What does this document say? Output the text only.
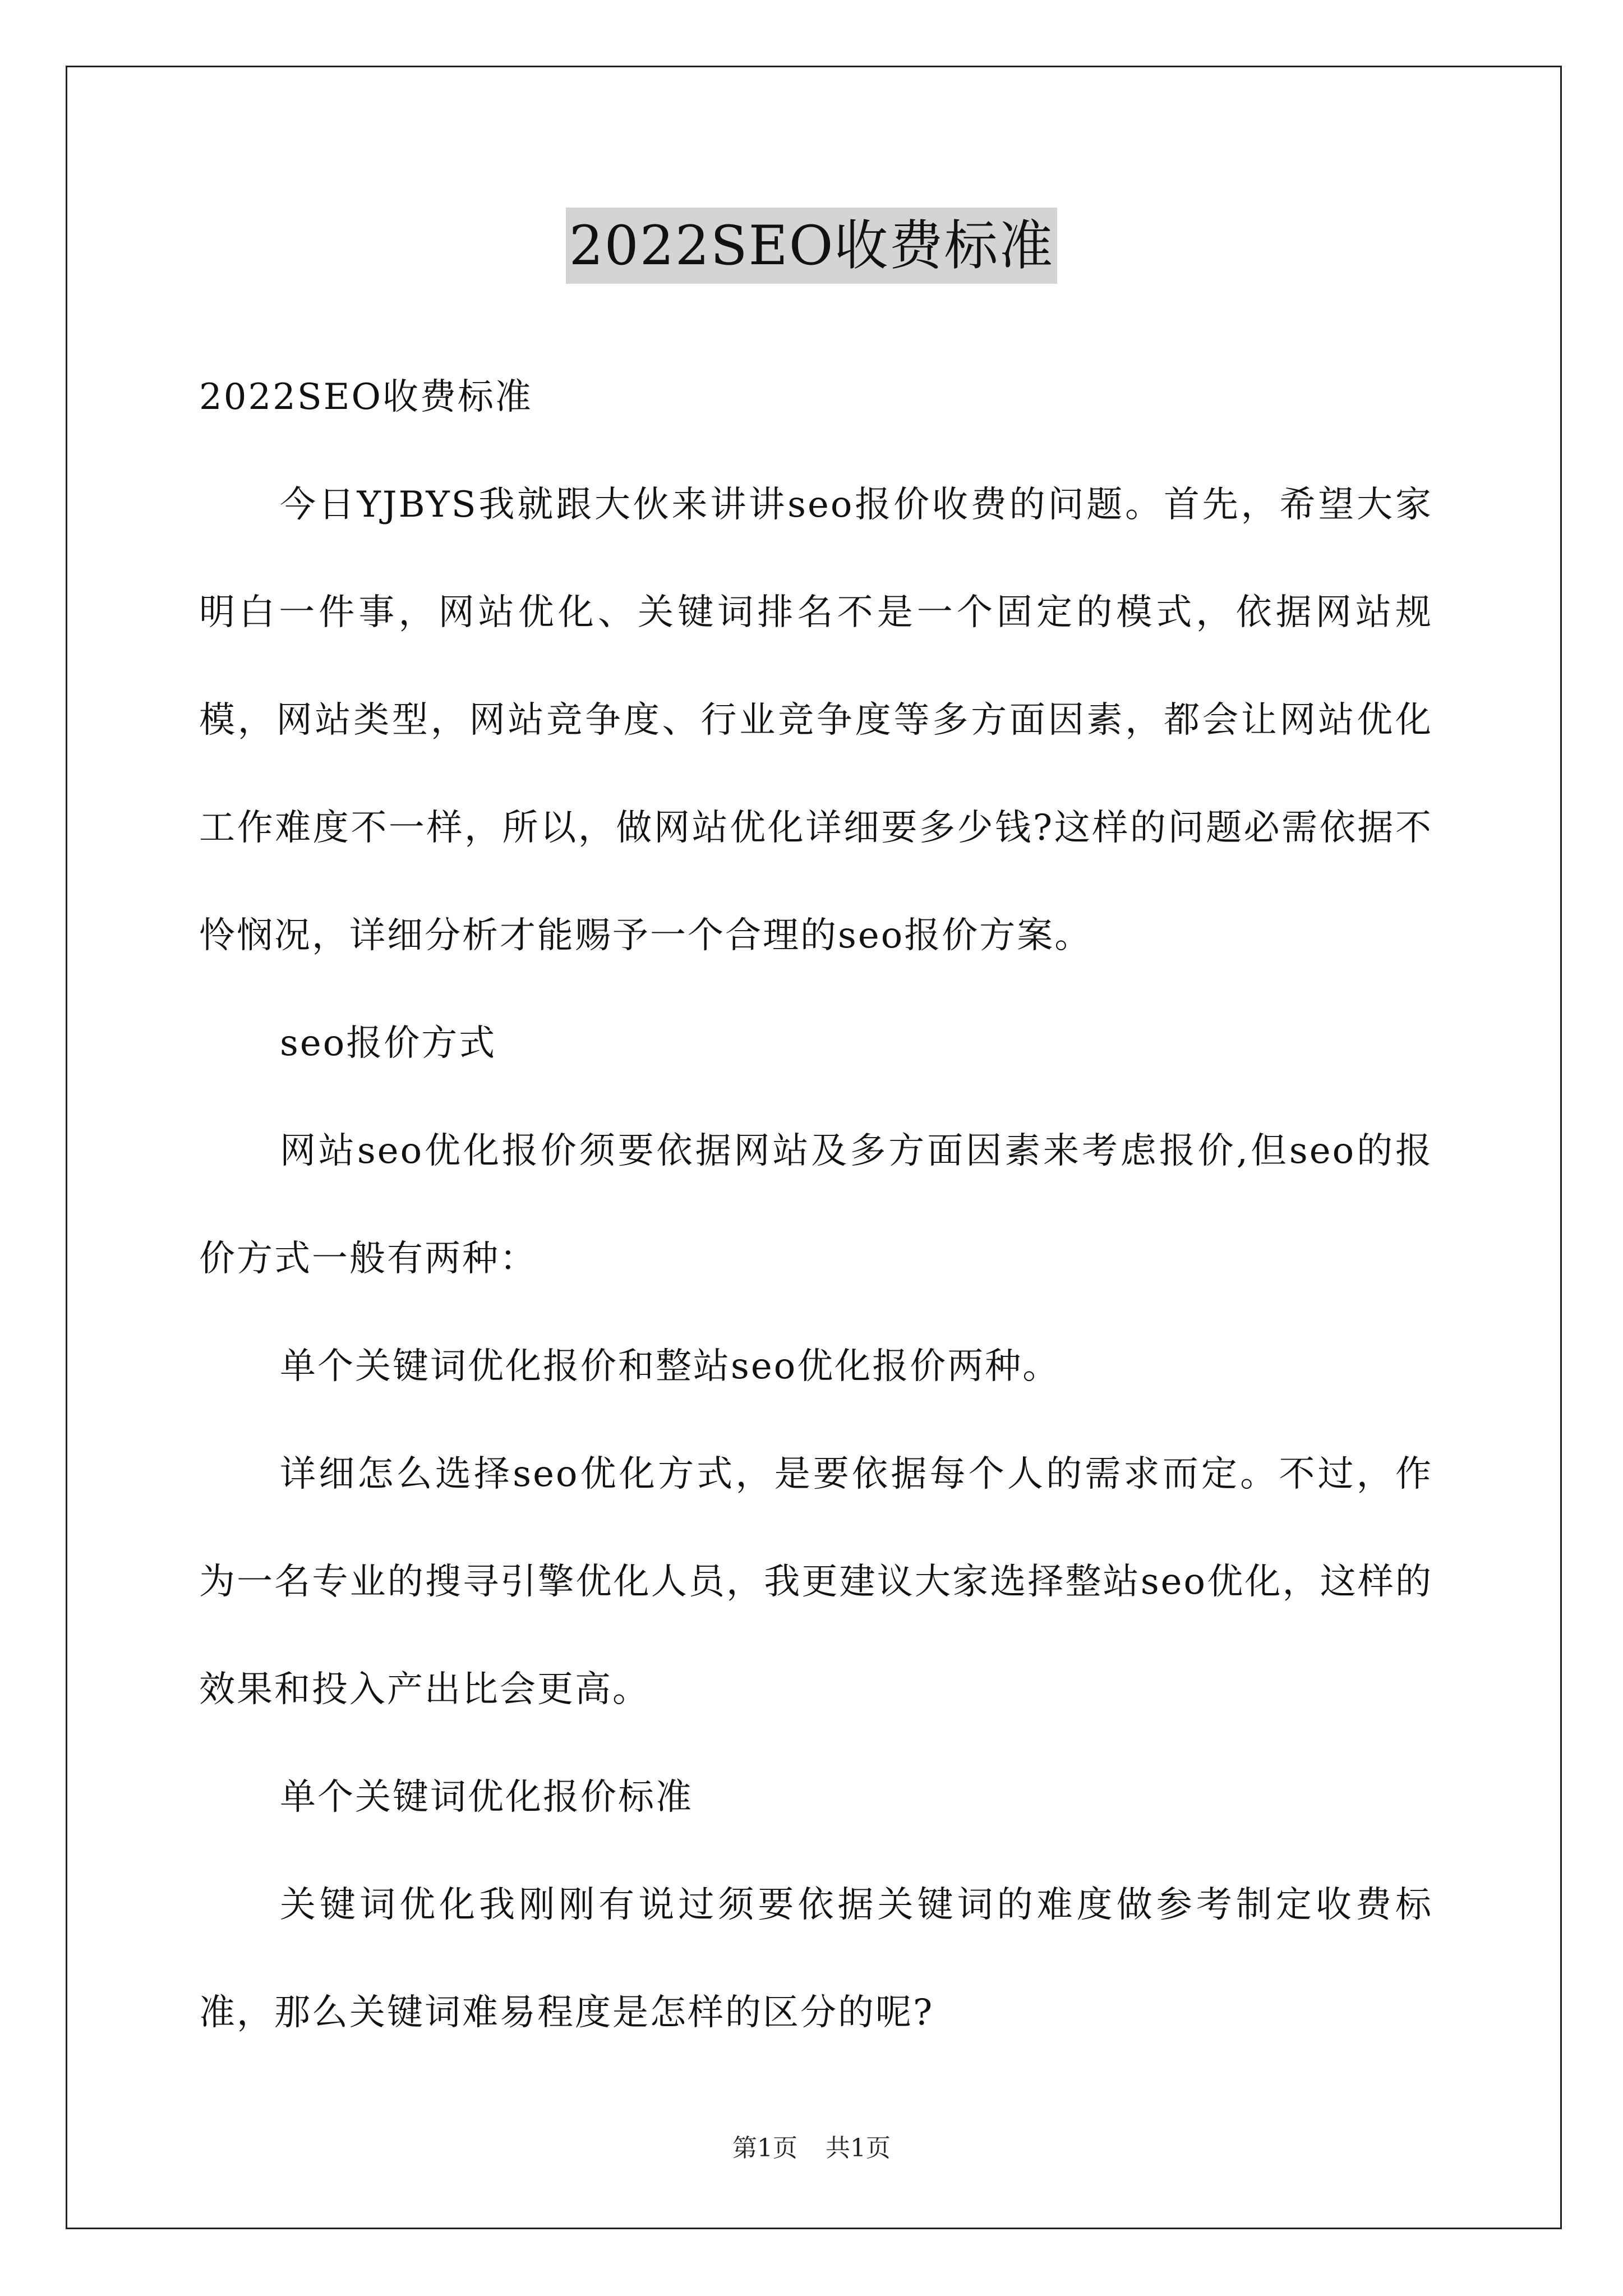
2022SEO收费标准

2022SEO收费标准

今日YJBYS我就跟大伙来讲讲seo报价收费的问题。首先，希望大家明白一件事，网站优化、关键词排名不是一个固定的模式，依据网站规模，网站类型，网站竞争度、行业竞争度等多方面因素，都会让网站优化工作难度不一样，所以，做网站优化详细要多少钱?这样的问题必需依据不怜悯况，详细分析才能赐予一个合理的seo报价方案。

seo报价方式

网站seo优化报价须要依据网站及多方面因素来考虑报价,但seo的报价方式一般有两种：

单个关键词优化报价和整站seo优化报价两种。

详细怎么选择seo优化方式，是要依据每个人的需求而定。不过，作为一名专业的搜寻引擎优化人员，我更建议大家选择整站seo优化，这样的效果和投入产出比会更高。

单个关键词优化报价标准

关键词优化我刚刚有说过须要依据关键词的难度做参考制定收费标准，那么关键词难易程度是怎样的区分的呢?

第1页 共1页
